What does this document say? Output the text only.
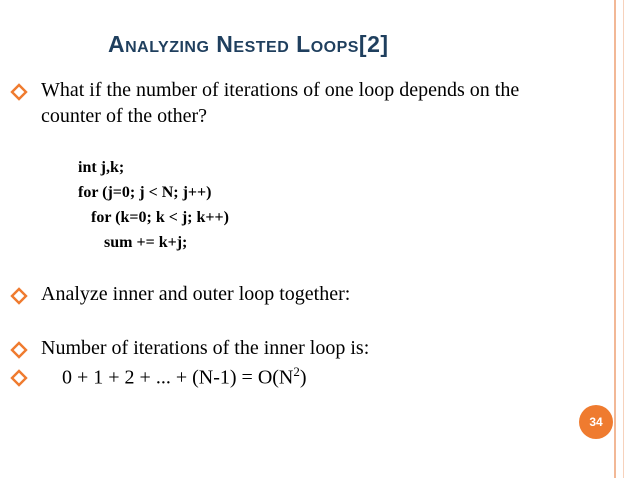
Analyzing Nested Loops[2]
What if the number of iterations of one loop depends on the
counter of the other?
int j,k;
for (j=0; j < N; j++)
for (k=0; k < j; k++)
sum += k+j;
Analyze inner and outer loop together:
Number of iterations of the inner loop is:
0 + 1 + 2 + ... + $(N-1) = O(N^2)$
34
